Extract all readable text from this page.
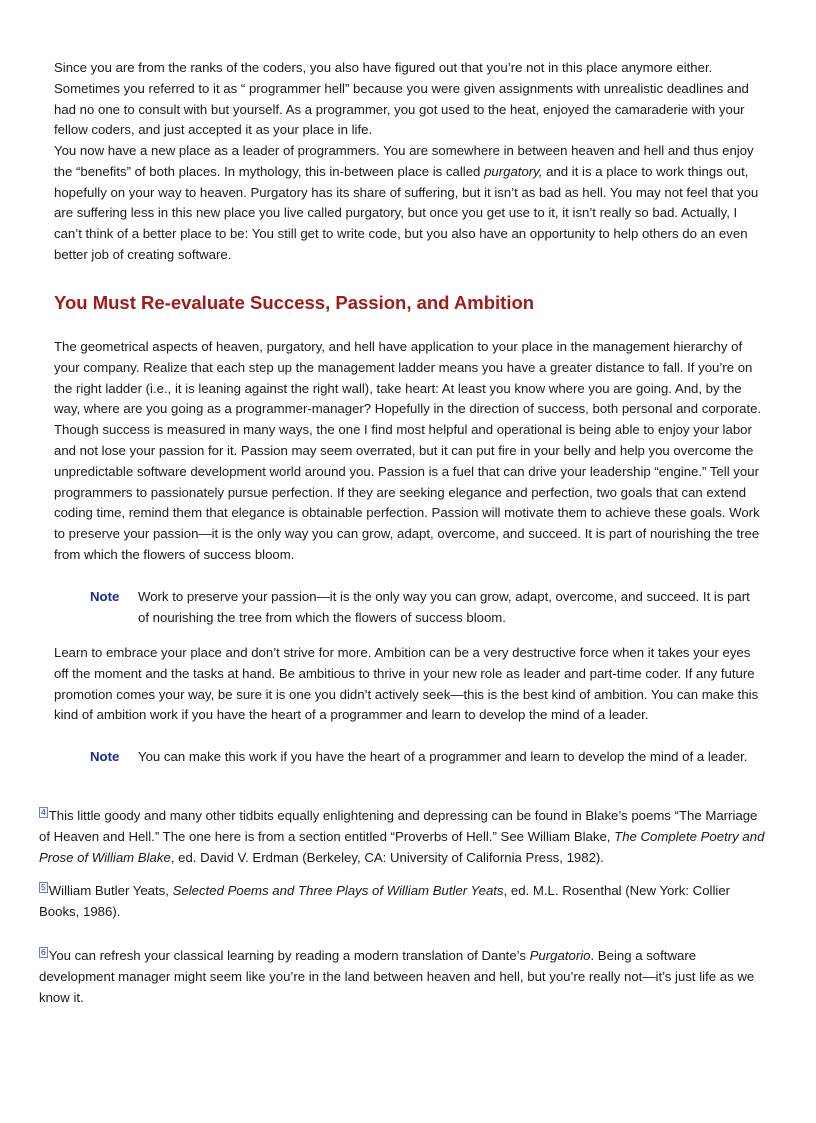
Since you are from the ranks of the coders, you also have figured out that you’re not in this place anymore either. Sometimes you referred to it as “ programmer hell” because you were given assignments with unrealistic deadlines and had no one to consult with but yourself. As a programmer, you got used to the heat, enjoyed the camaraderie with your fellow coders, and just accepted it as your place in life.

You now have a new place as a leader of programmers. You are somewhere in between heaven and hell and thus enjoy the “benefits” of both places. In mythology, this in-between place is called purgatory, and it is a place to work things out, hopefully on your way to heaven. Purgatory has its share of suffering, but it isn’t as bad as hell. You may not feel that you are suffering less in this new place you live called purgatory, but once you get use to it, it isn’t really so bad. Actually, I can’t think of a better place to be: You still get to write code, but you also have an opportunity to help others do an even better job of creating software.

You Must Re-evaluate Success, Passion, and Ambition

The geometrical aspects of heaven, purgatory, and hell have application to your place in the management hierarchy of your company. Realize that each step up the management ladder means you have a greater distance to fall. If you’re on the right ladder (i.e., it is leaning against the right wall), take heart: At least you know where you are going. And, by the way, where are you going as a programmer-manager? Hopefully in the direction of success, both personal and corporate. Though success is measured in many ways, the one I find most helpful and operational is being able to enjoy your labor and not lose your passion for it. Passion may seem overrated, but it can put fire in your belly and help you overcome the unpredictable software development world around you. Passion is a fuel that can drive your leadership “engine.” Tell your programmers to passionately pursue perfection. If they are seeking elegance and perfection, two goals that can extend coding time, remind them that elegance is obtainable perfection. Passion will motivate them to achieve these goals. Work to preserve your passion—it is the only way you can grow, adapt, overcome, and succeed. It is part of nourishing the tree from which the flowers of success bloom.

Note	Work to preserve your passion—it is the only way you can grow, adapt, overcome, and succeed. It is part of nourishing the tree from which the flowers of success bloom.

Learn to embrace your place and don’t strive for more. Ambition can be a very destructive force when it takes your eyes off the moment and the tasks at hand. Be ambitious to thrive in your new role as leader and part-time coder. If any future promotion comes your way, be sure it is one you didn’t actively seek—this is the best kind of ambition. You can make this kind of ambition work if you have the heart of a programmer and learn to develop the mind of a leader.

Note	You can make this work if you have the heart of a programmer and learn to develop the mind of a leader.

4 This little goody and many other tidbits equally enlightening and depressing can be found in Blake’s poems “The Marriage of Heaven and Hell.” The one here is from a section entitled “Proverbs of Hell.” See William Blake, The Complete Poetry and Prose of William Blake, ed. David V. Erdman (Berkeley, CA: University of California Press, 1982).

5 William Butler Yeats, Selected Poems and Three Plays of William Butler Yeats, ed. M.L. Rosenthal (New York: Collier Books, 1986).

6 You can refresh your classical learning by reading a modern translation of Dante’s Purgatorio. Being a software development manager might seem like you’re in the land between heaven and hell, but you’re really not—it’s just life as we know it.
